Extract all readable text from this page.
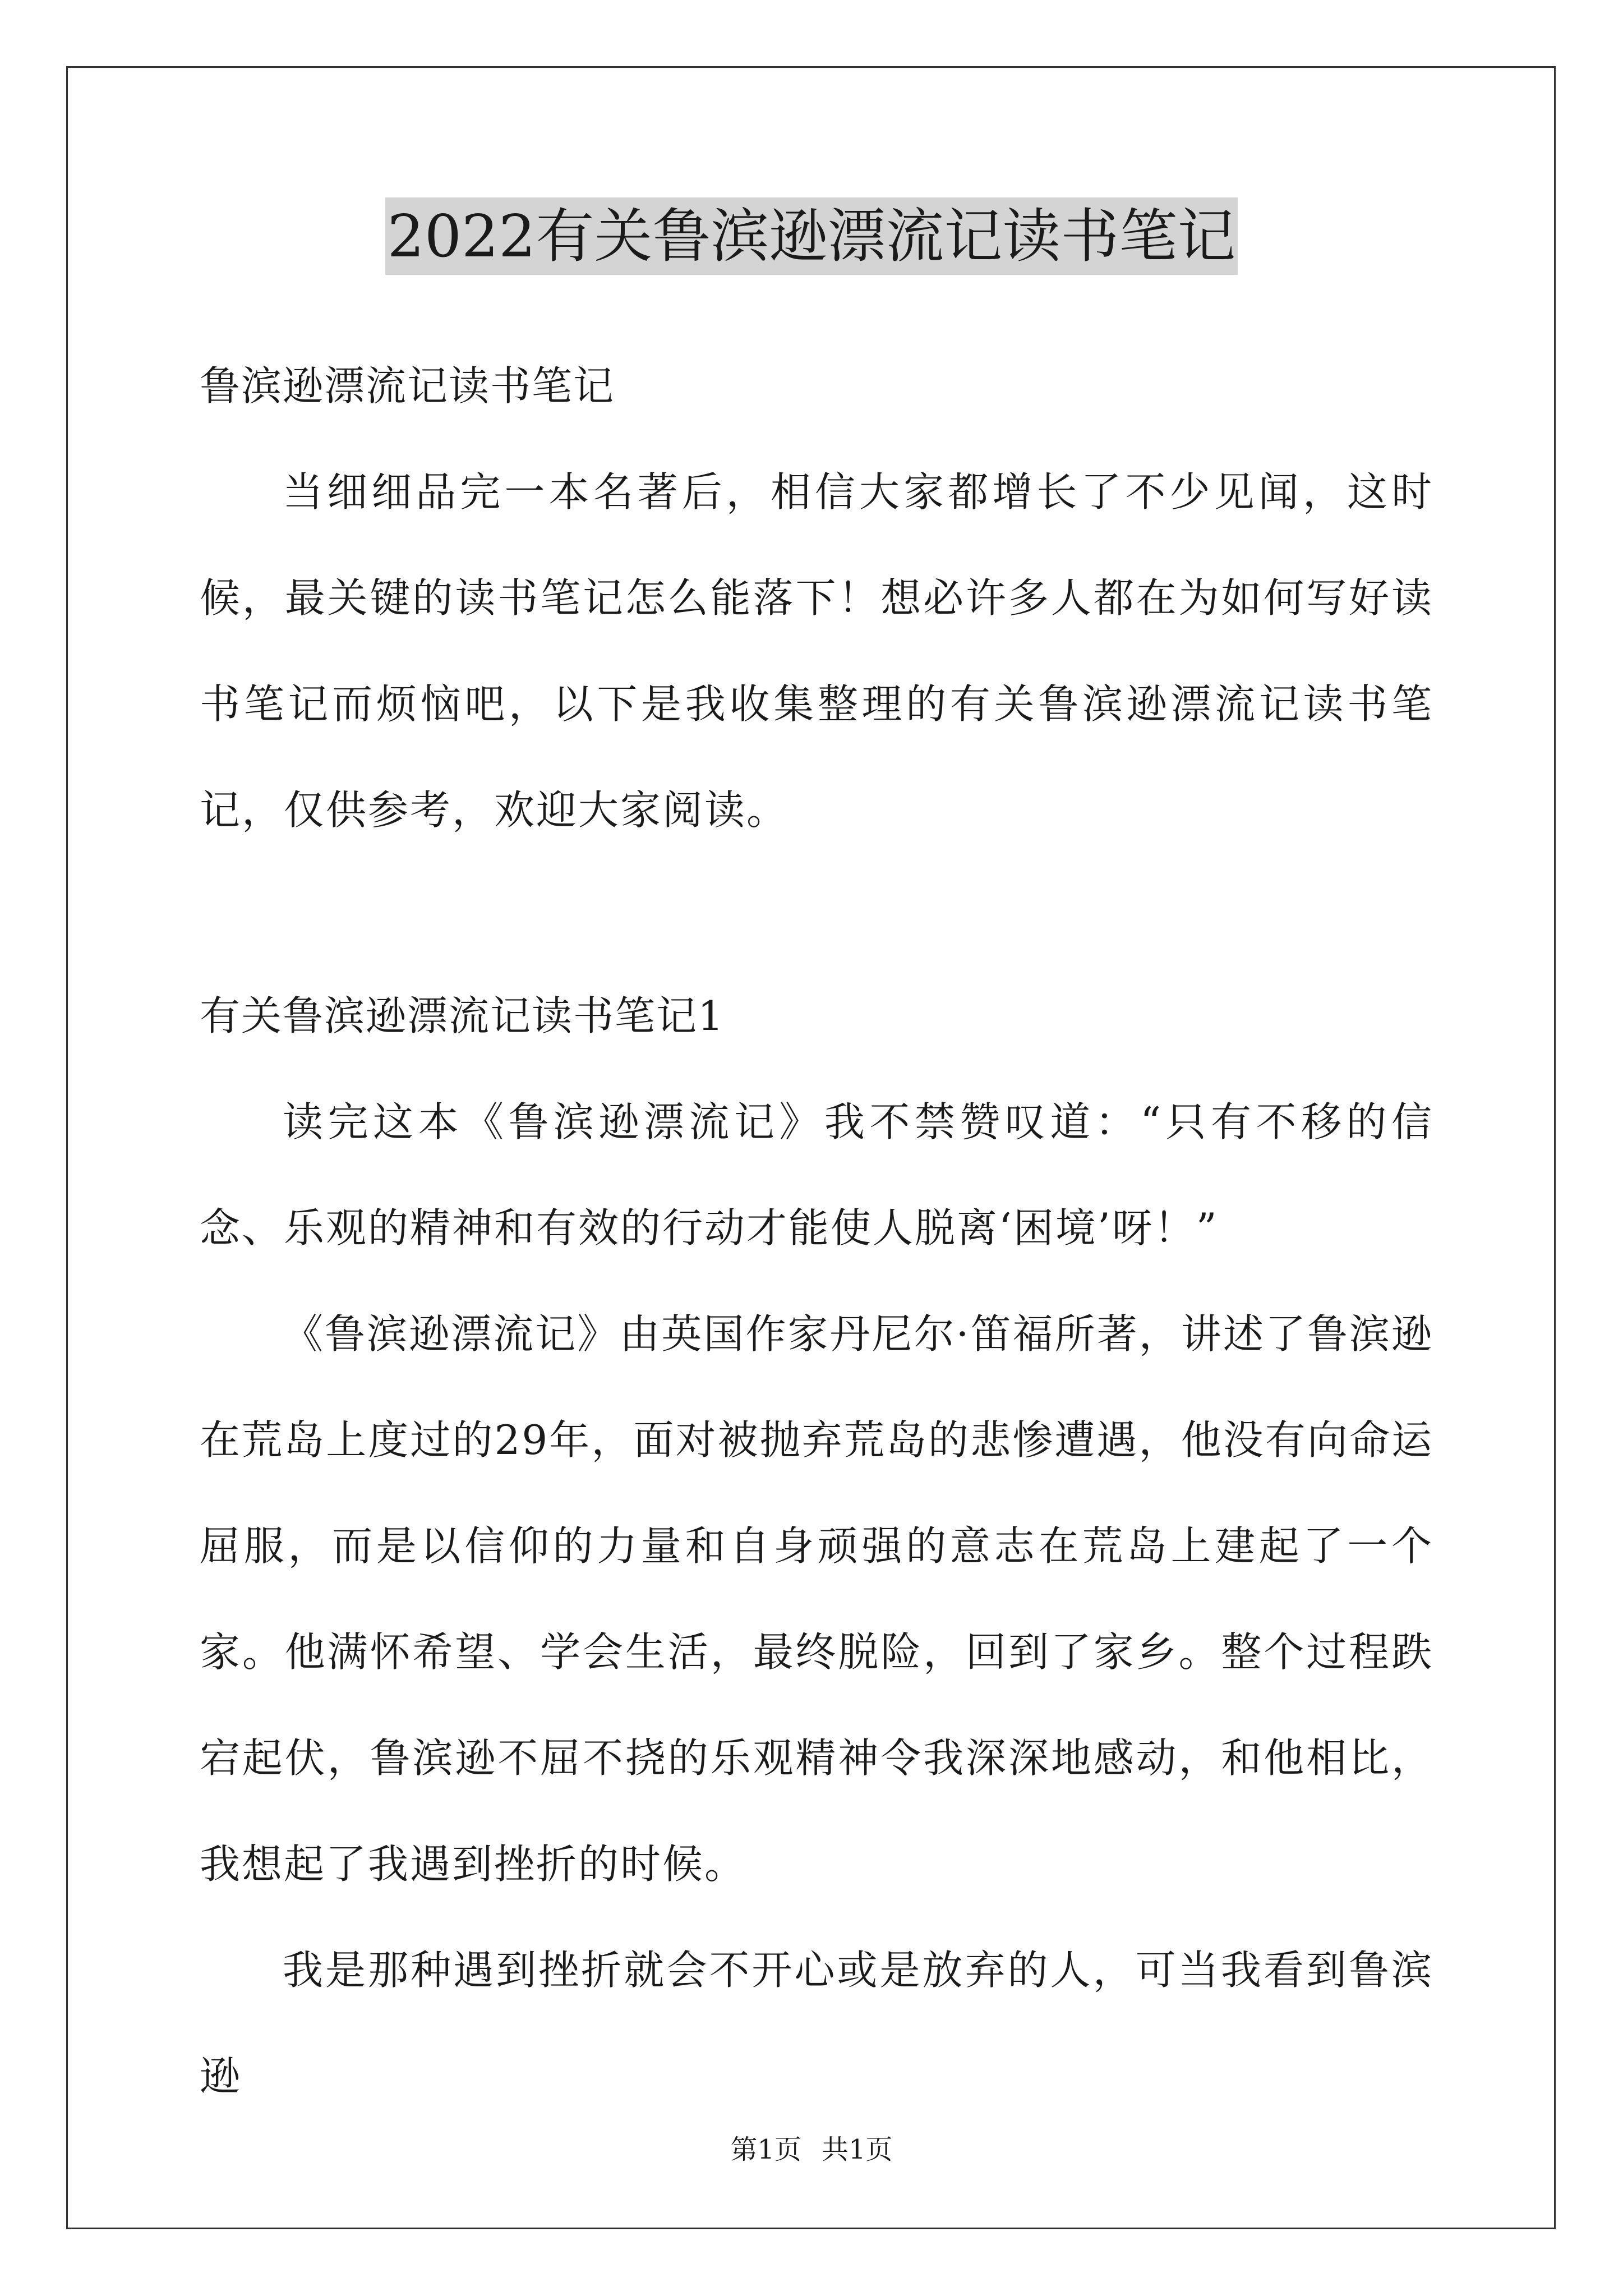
2022有关鲁滨逊漂流记读书笔记

鲁滨逊漂流记读书笔记

当细细品完一本名著后，相信大家都增长了不少见闻，这时候，最关键的读书笔记怎么能落下！想必许多人都在为如何写好读书笔记而烦恼吧，以下是我收集整理的有关鲁滨逊漂流记读书笔记，仅供参考，欢迎大家阅读。

有关鲁滨逊漂流记读书笔记1

读完这本《鲁滨逊漂流记》我不禁赞叹道：“只有不移的信念、乐观的精神和有效的行动才能使人脱离‘困境’呀！”

《鲁滨逊漂流记》由英国作家丹尼尔·笛福所著，讲述了鲁滨逊在荒岛上度过的29年，面对被抛弃荒岛的悲惨遭遇，他没有向命运屈服，而是以信仰的力量和自身顽强的意志在荒岛上建起了一个家。他满怀希望、学会生活，最终脱险，回到了家乡。整个过程跌宕起伏，鲁滨逊不屈不挠的乐观精神令我深深地感动，和他相比，我想起了我遇到挫折的时候。

我是那种遇到挫折就会不开心或是放弃的人，可当我看到鲁滨逊

第1页 共1页
